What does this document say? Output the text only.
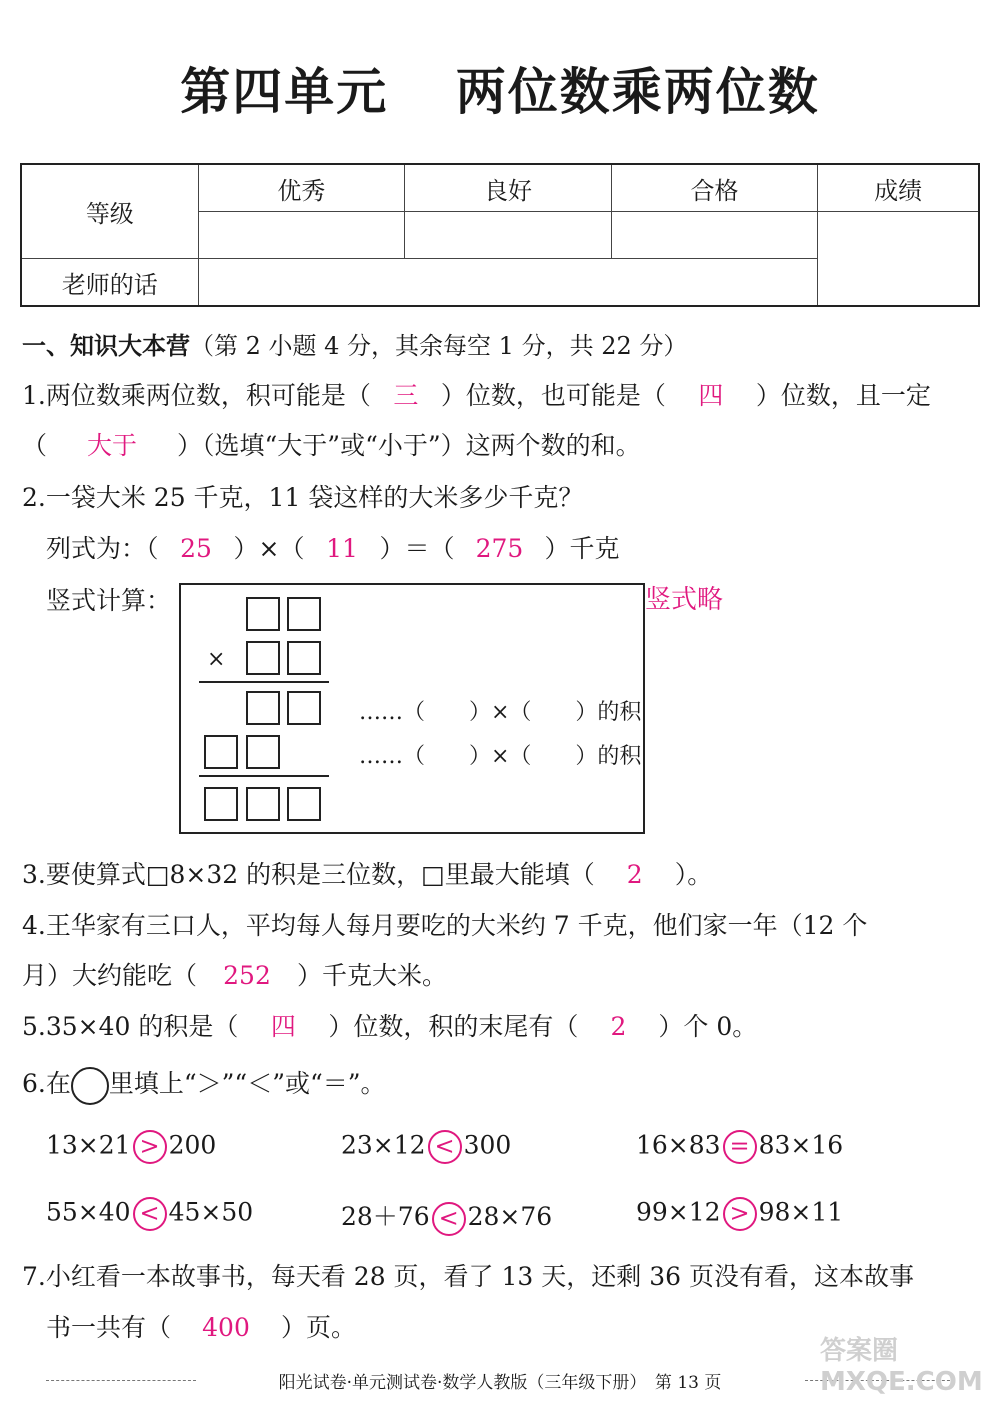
第四单元 两位数乘两位数
等级	优秀	良好	合格	成绩

老师的话				
一、知识大本营（第 2 小题 4 分，其余每空 1 分，共 22 分）
1.两位数乘两位数，积可能是（ 三 ）位数，也可能是（ 四 ）位数，且一定
（ 大于 ）（选填“大于”或“小于”）这两个数的和。
2.一袋大米 25 千克，11 袋这样的大米多少千克？
列式为：（ 25 ）×（ 11 ）＝（ 275 ）千克
竖式计算：	竖式略
×
……（　　）×（　　）的积
……（　　）×（　　）的积
3.要使算式□8×32 的积是三位数，□里最大能填（ 2 ）。
4.王华家有三口人，平均每人每月要吃的大米约 7 千克，他们家一年（12 个
月）大约能吃（ 252 ）千克大米。
5.35×40 的积是（ 四 ）位数，积的末尾有（ 2 ）个 0。
6.在 里填上“＞”“＜”或“＝”。
13×21 > 200	23×12 < 300	16×83 = 83×16
55×40 < 45×50	28＋76 < 28×76	99×12 > 98×11
7.小红看一本故事书，每天看 28 页，看了 13 天，还剩 36 页没有看，这本故事
书一共有（ 400 ）页。
阳光试卷·单元测试卷·数学人教版（三年级下册）　第 13 页
答案圈 MXQE.COM
